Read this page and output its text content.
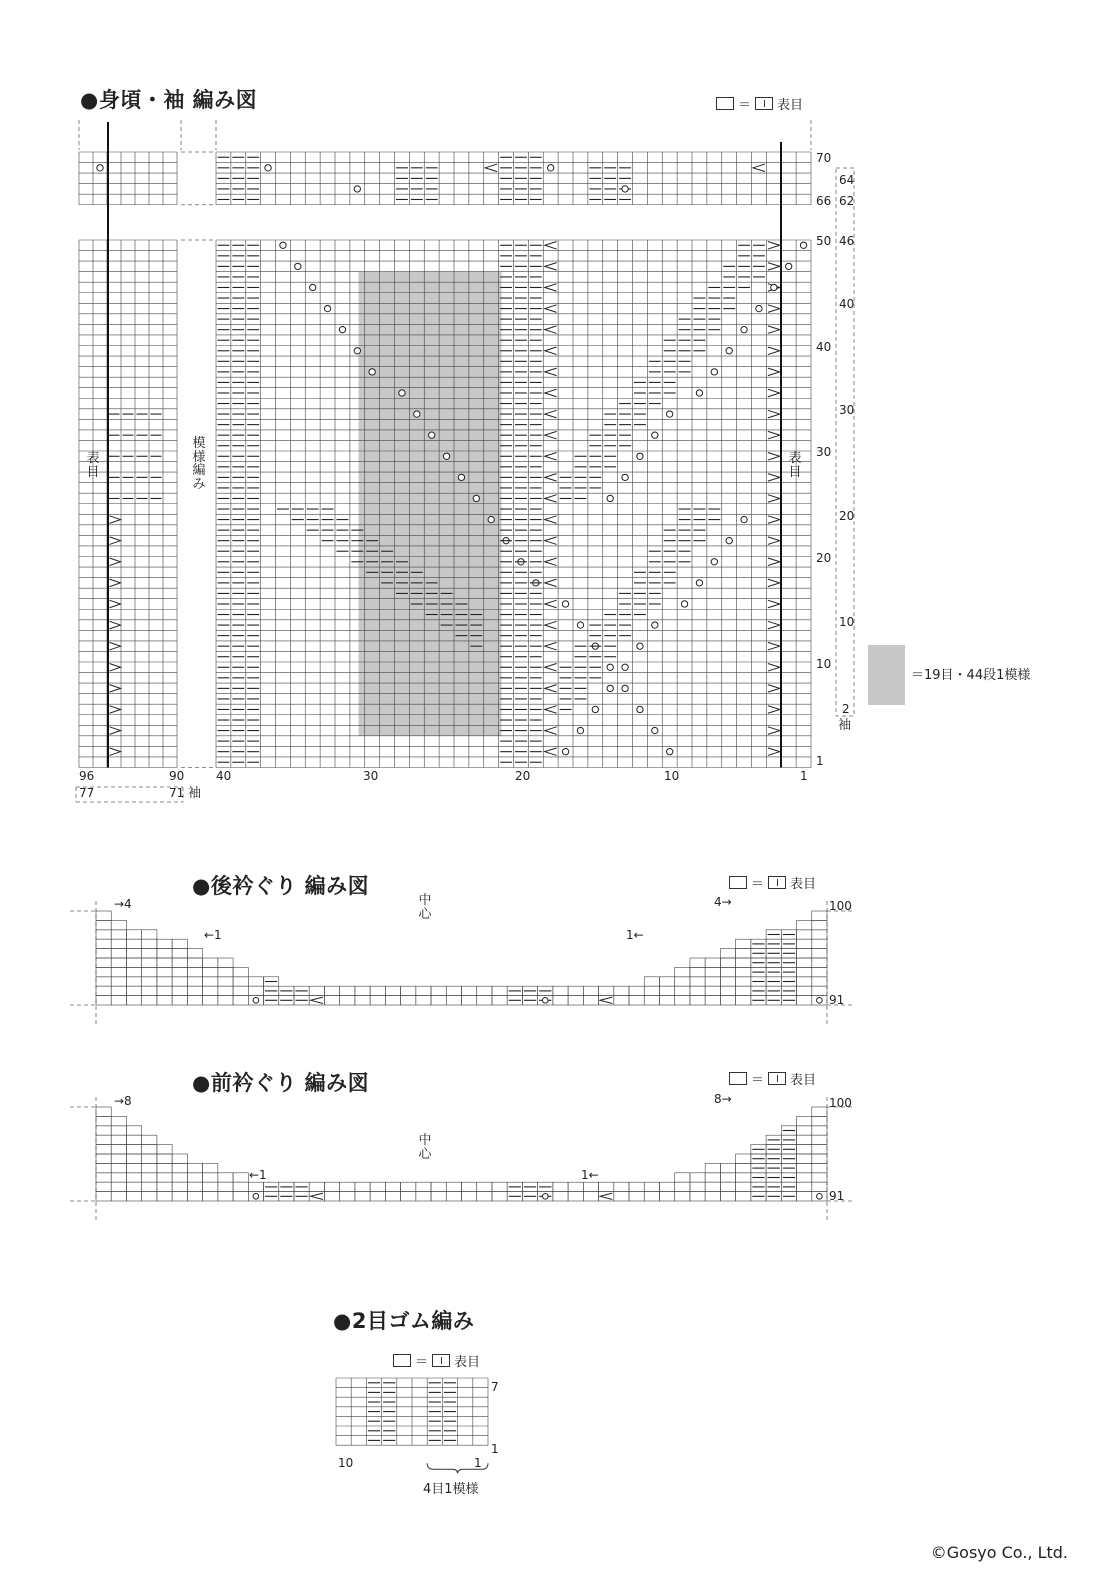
●身頃・袖 編み図	＝ 表目
表目
表目
模様編み
＝19目・44段1模様
70
66
50
40
30
20
10
1
64
62
46
40
30
20
10
2
袖
40	30	20	10	1
96	90
77	71 袖
●後衿ぐり 編み図	＝ 表目
中心
→4	4→
←1	1←
100
91
●前衿ぐり 編み図	＝ 表目
中心
→8	8→
←1	1←
100
91
●2目ゴム編み
＝ 表目
7
1
10	1
4目1模様
©Gosyo Co., Ltd.
